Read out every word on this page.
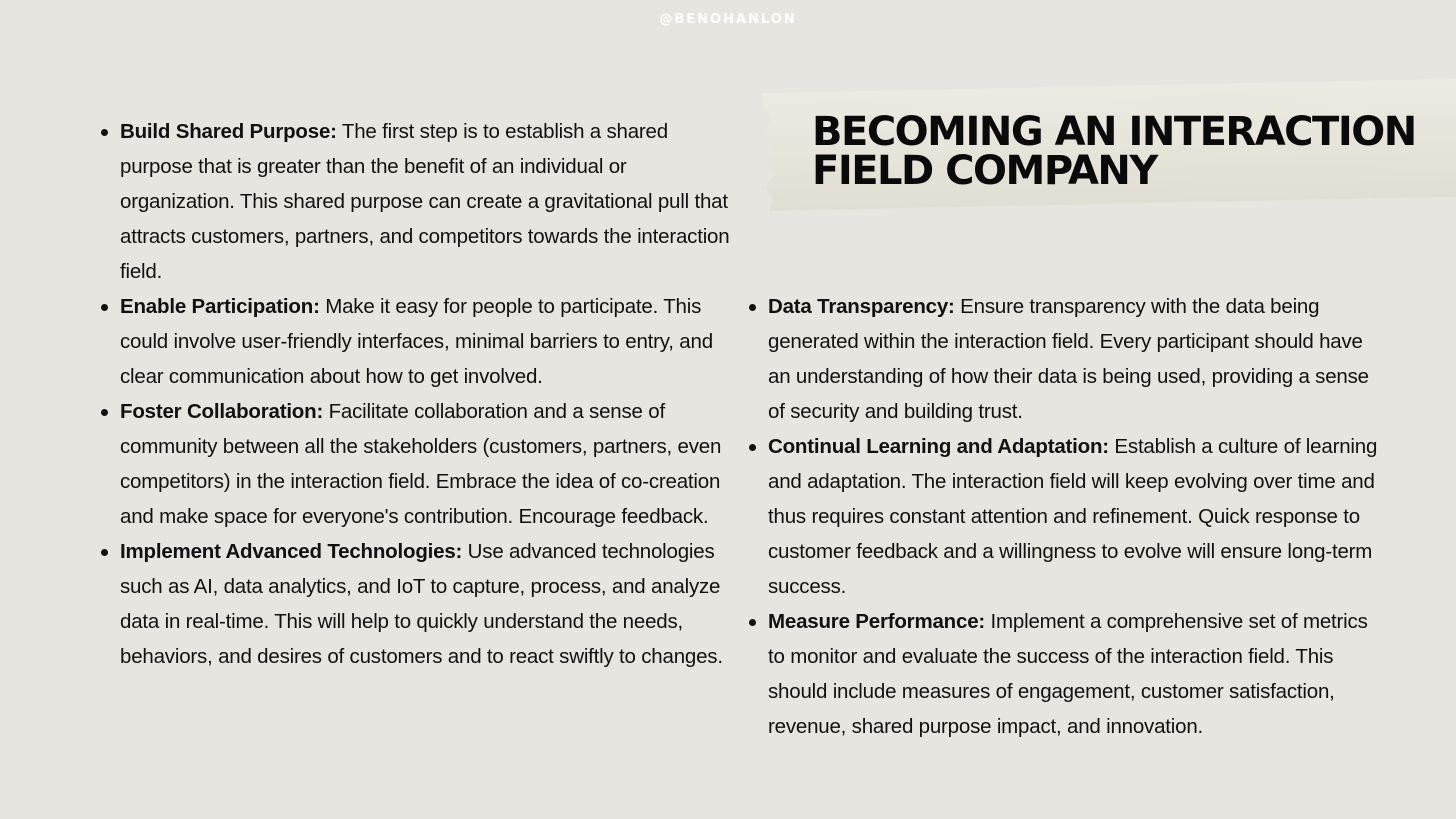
@BENOHANLON
BECOMING AN INTERACTION
FIELD COMPANY
Build Shared Purpose: The first step is to establish a shared purpose that is greater than the benefit of an individual or organization. This shared purpose can create a gravitational pull that attracts customers, partners, and competitors towards the interaction field.
Enable Participation: Make it easy for people to participate. This could involve user-friendly interfaces, minimal barriers to entry, and clear communication about how to get involved.
Foster Collaboration: Facilitate collaboration and a sense of community between all the stakeholders (customers, partners, even competitors) in the interaction field. Embrace the idea of co-creation and make space for everyone's contribution. Encourage feedback.
Implement Advanced Technologies: Use advanced technologies such as AI, data analytics, and IoT to capture, process, and analyze data in real-time. This will help to quickly understand the needs, behaviors, and desires of customers and to react swiftly to changes.
Data Transparency: Ensure transparency with the data being generated within the interaction field. Every participant should have an understanding of how their data is being used, providing a sense of security and building trust.
Continual Learning and Adaptation: Establish a culture of learning and adaptation. The interaction field will keep evolving over time and thus requires constant attention and refinement. Quick response to customer feedback and a willingness to evolve will ensure long-term success.
Measure Performance: Implement a comprehensive set of metrics to monitor and evaluate the success of the interaction field. This should include measures of engagement, customer satisfaction, revenue, shared purpose impact, and innovation.
